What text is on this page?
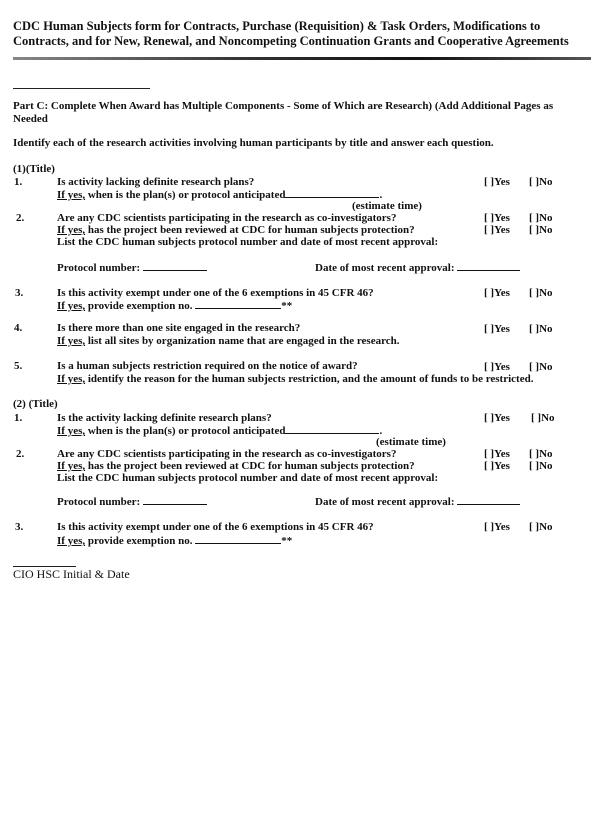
CDC Human Subjects form for Contracts, Purchase (Requisition) & Task Orders, Modifications to
Contracts, and for New, Renewal, and Noncompeting Continuation Grants and Cooperative Agreements
Part C: Complete When Award has Multiple Components - Some of Which are Research) (Add Additional Pages as
Needed
Identify each of the research activities involving human participants by title and answer each question.
(1)(Title)
1.	Is activity lacking definite research plans?	[ ]Yes [ ]No
If yes, when is the plan(s) or protocol anticipated	.
(estimate time)
2.	Are any CDC scientists participating in the research as co-investigators?	[ ]Yes [ ]No
If yes, has the project been reviewed at CDC for human subjects protection?	[ ]Yes [ ]No
List the CDC human subjects protocol number and date of most recent approval:
Protocol number:	Date of most recent approval:
3.	Is this activity exempt under one of the 6 exemptions in 45 CFR 46?	[ ]Yes [ ]No
If yes, provide exemption no.	**
4.	Is there more than one site engaged in the research?	[ ]Yes [ ]No
If yes, list all sites by organization name that are engaged in the research.
5.	Is a human subjects restriction required on the notice of award?	[ ]Yes [ ]No
If yes, identify the reason for the human subjects restriction, and the amount of funds to be restricted.
(2) (Title)
1.	Is the activity lacking definite research plans?	[ ]Yes [ ]No
If yes, when is the plan(s) or protocol anticipated	.
(estimate time)
2.	Are any CDC scientists participating in the research as co-investigators?	[ ]Yes [ ]No
If yes, has the project been reviewed at CDC for human subjects protection?	[ ]Yes [ ]No
List the CDC human subjects protocol number and date of most recent approval:
Protocol number:	Date of most recent approval:
3.	Is this activity exempt under one of the 6 exemptions in 45 CFR 46?	[ ]Yes [ ]No
If yes, provide exemption no.	**
CIO HSC Initial & Date
